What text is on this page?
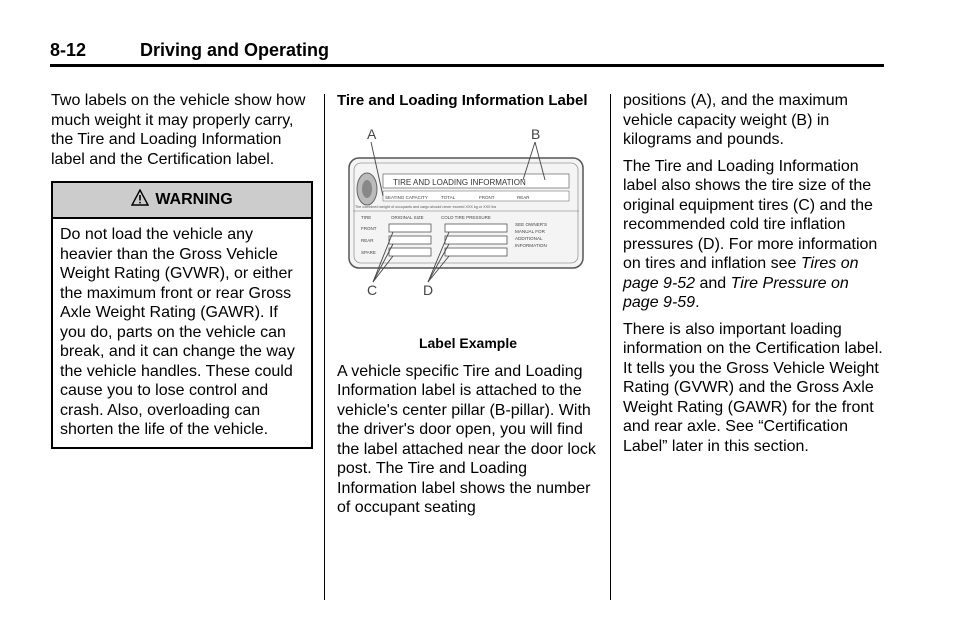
8-12	Driving and Operating

Two labels on the vehicle show how much weight it may properly carry, the Tire and Loading Information label and the Certification label.

WARNING
Do not load the vehicle any heavier than the Gross Vehicle Weight Rating (GVWR), or either the maximum front or rear Gross Axle Weight Rating (GAWR). If you do, parts on the vehicle can break, and it can change the way the vehicle handles. These could cause you to lose control and crash. Also, overloading can shorten the life of the vehicle.
Tire and Loading Information Label
A	B
C	D
TIRE AND LOADING INFORMATION
SEATING CAPACITY	TOTAL	FRONT	REAR
The combined weight of occupants and cargo should never exceed XXX kg or XXX lbs
TIRE	ORIGINAL SIZE	COLD TIRE PRESSURE
FRONT
REAR
SPARE
SEE OWNER'S MANUAL FOR ADDITIONAL INFORMATION
Label Example

A vehicle specific Tire and Loading Information label is attached to the vehicle's center pillar (B-pillar). With the driver's door open, you will find the label attached near the door lock post. The Tire and Loading Information label shows the number of occupant seating

positions (A), and the maximum vehicle capacity weight (B) in kilograms and pounds.

The Tire and Loading Information label also shows the tire size of the original equipment tires (C) and the recommended cold tire inflation pressures (D). For more information on tires and inflation see Tires on page 9-52 and Tire Pressure on page 9-59.

There is also important loading information on the Certification label. It tells you the Gross Vehicle Weight Rating (GVWR) and the Gross Axle Weight Rating (GAWR) for the front and rear axle. See “Certification Label” later in this section.
